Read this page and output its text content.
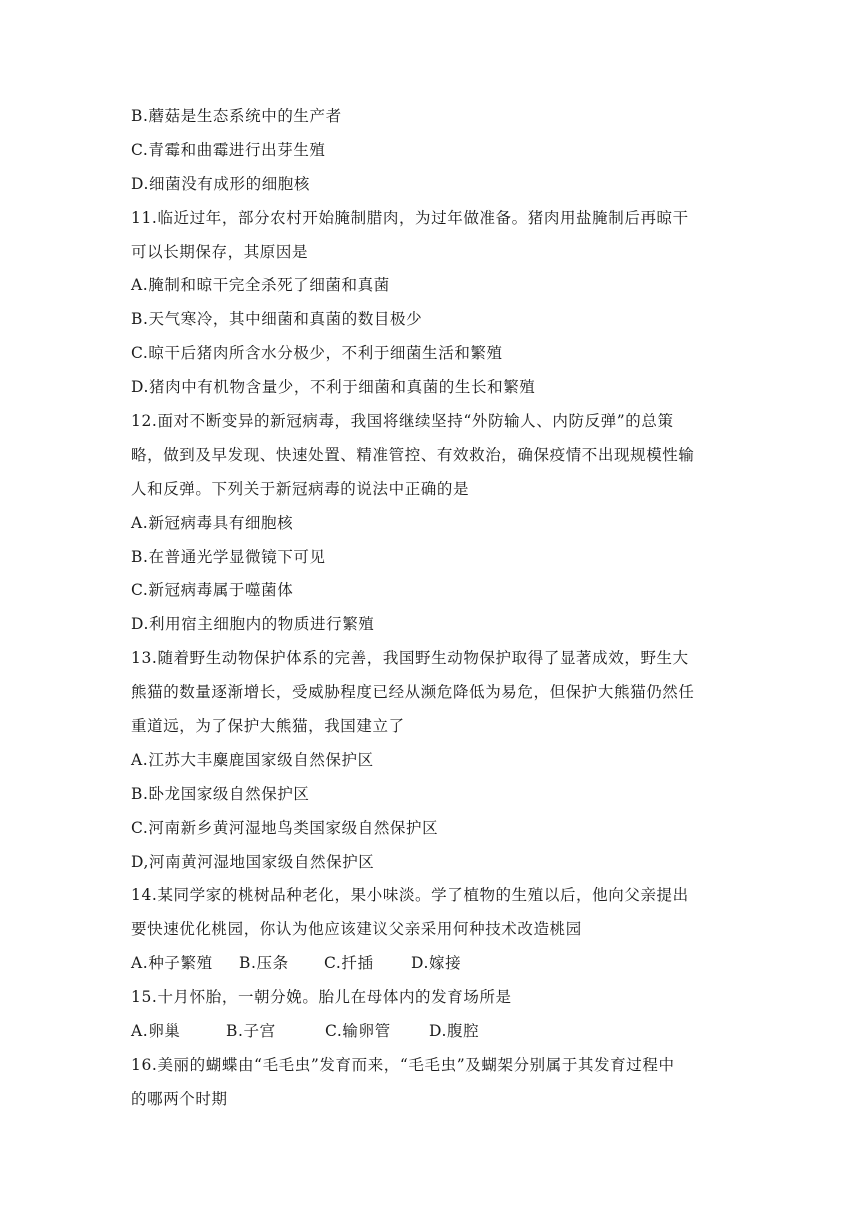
B.蘑菇是生态系统中的生产者
C.青霉和曲霉进行出芽生殖
D.细菌没有成形的细胞核
11.临近过年，部分农村开始腌制腊肉，为过年做准备。猪肉用盐腌制后再晾干
可以长期保存，其原因是
A.腌制和晾干完全杀死了细菌和真菌
B.天气寒冷，其中细菌和真菌的数目极少
C.晾干后猪肉所含水分极少，不利于细菌生活和繁殖
D.猪肉中有机物含量少，不利于细菌和真菌的生长和繁殖
12.面对不断变异的新冠病毒，我国将继续坚持“外防输人、内防反弹”的总策
略，做到及早发现、快速处置、精准管控、有效救治，确保疫情不出现规模性输
人和反弹。下列关于新冠病毒的说法中正确的是
A.新冠病毒具有细胞核
B.在普通光学显微镜下可见
C.新冠病毒属于噬菌体
D.利用宿主细胞内的物质进行繁殖
13.随着野生动物保护体系的完善，我国野生动物保护取得了显著成效，野生大
熊猫的数量逐渐增长，受威胁程度已经从濒危降低为易危，但保护大熊猫仍然任
重道远，为了保护大熊猫，我国建立了
A.江苏大丰麋鹿国家级自然保护区
B.卧龙国家级自然保护区
C.河南新乡黄河湿地鸟类国家级自然保护区
D,河南黄河湿地国家级自然保护区
14.某同学家的桃树品种老化，果小味淡。学了植物的生殖以后，他向父亲提出
要快速优化桃园，你认为他应该建议父亲采用何种技术改造桃园
A.种子繁殖	B.压条	C.扦插	D.嫁接
15.十月怀胎，一朝分娩。胎儿在母体内的发育场所是
A.卵巢	B.子宫	C.输卵管	D.腹腔
16.美丽的蝴蝶由“毛毛虫”发育而来，“毛毛虫”及蝴架分别属于其发育过程中
的哪两个时期
